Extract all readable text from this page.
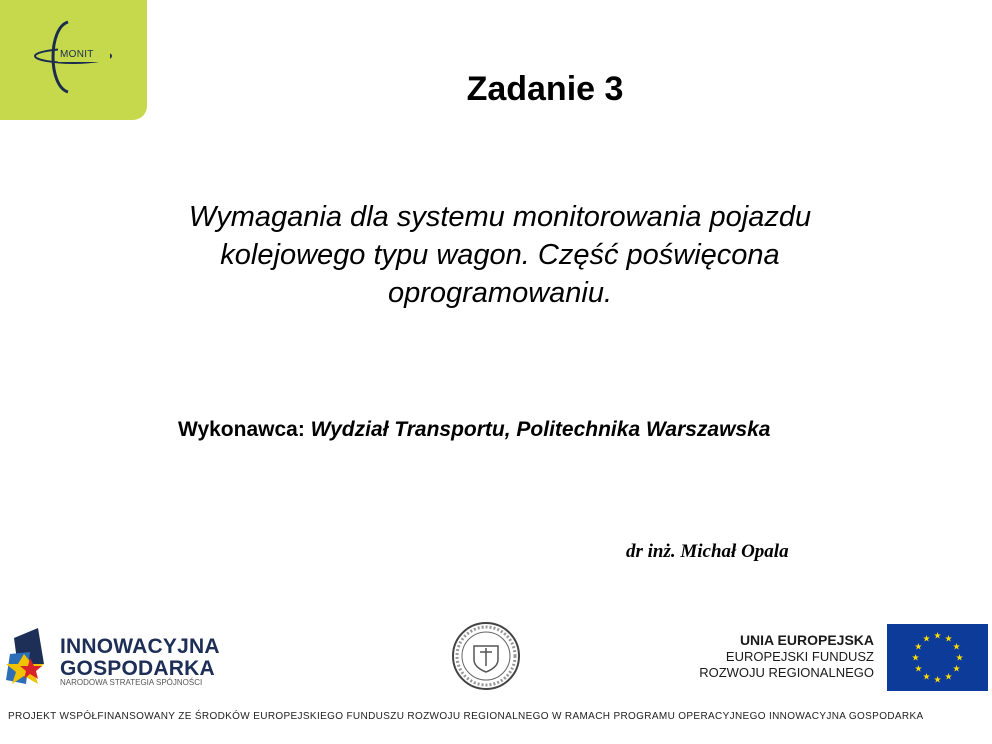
MONIT
Zadanie 3
Wymagania dla systemu monitorowania pojazdu
kolejowego typu wagon. Część poświęcona
oprogramowaniu.
Wykonawca: Wydział Transportu, Politechnika Warszawska
dr inż. Michał Opala
INNOWACYJNA
GOSPODARKA
NARODOWA STRATEGIA SPÓJNOŚCI
UNIA EUROPEJSKA
EUROPEJSKI FUNDUSZ
ROZWOJU REGIONALNEGO
★ ★
★
★
★
★
★
★
★
★
★
★
PROJEKT WSPÓŁFINANSOWANY ZE ŚRODKÓW EUROPEJSKIEGO FUNDUSZU ROZWOJU REGIONALNEGO W RAMACH PROGRAMU OPERACYJNEGO INNOWACYJNA GOSPODARKA
